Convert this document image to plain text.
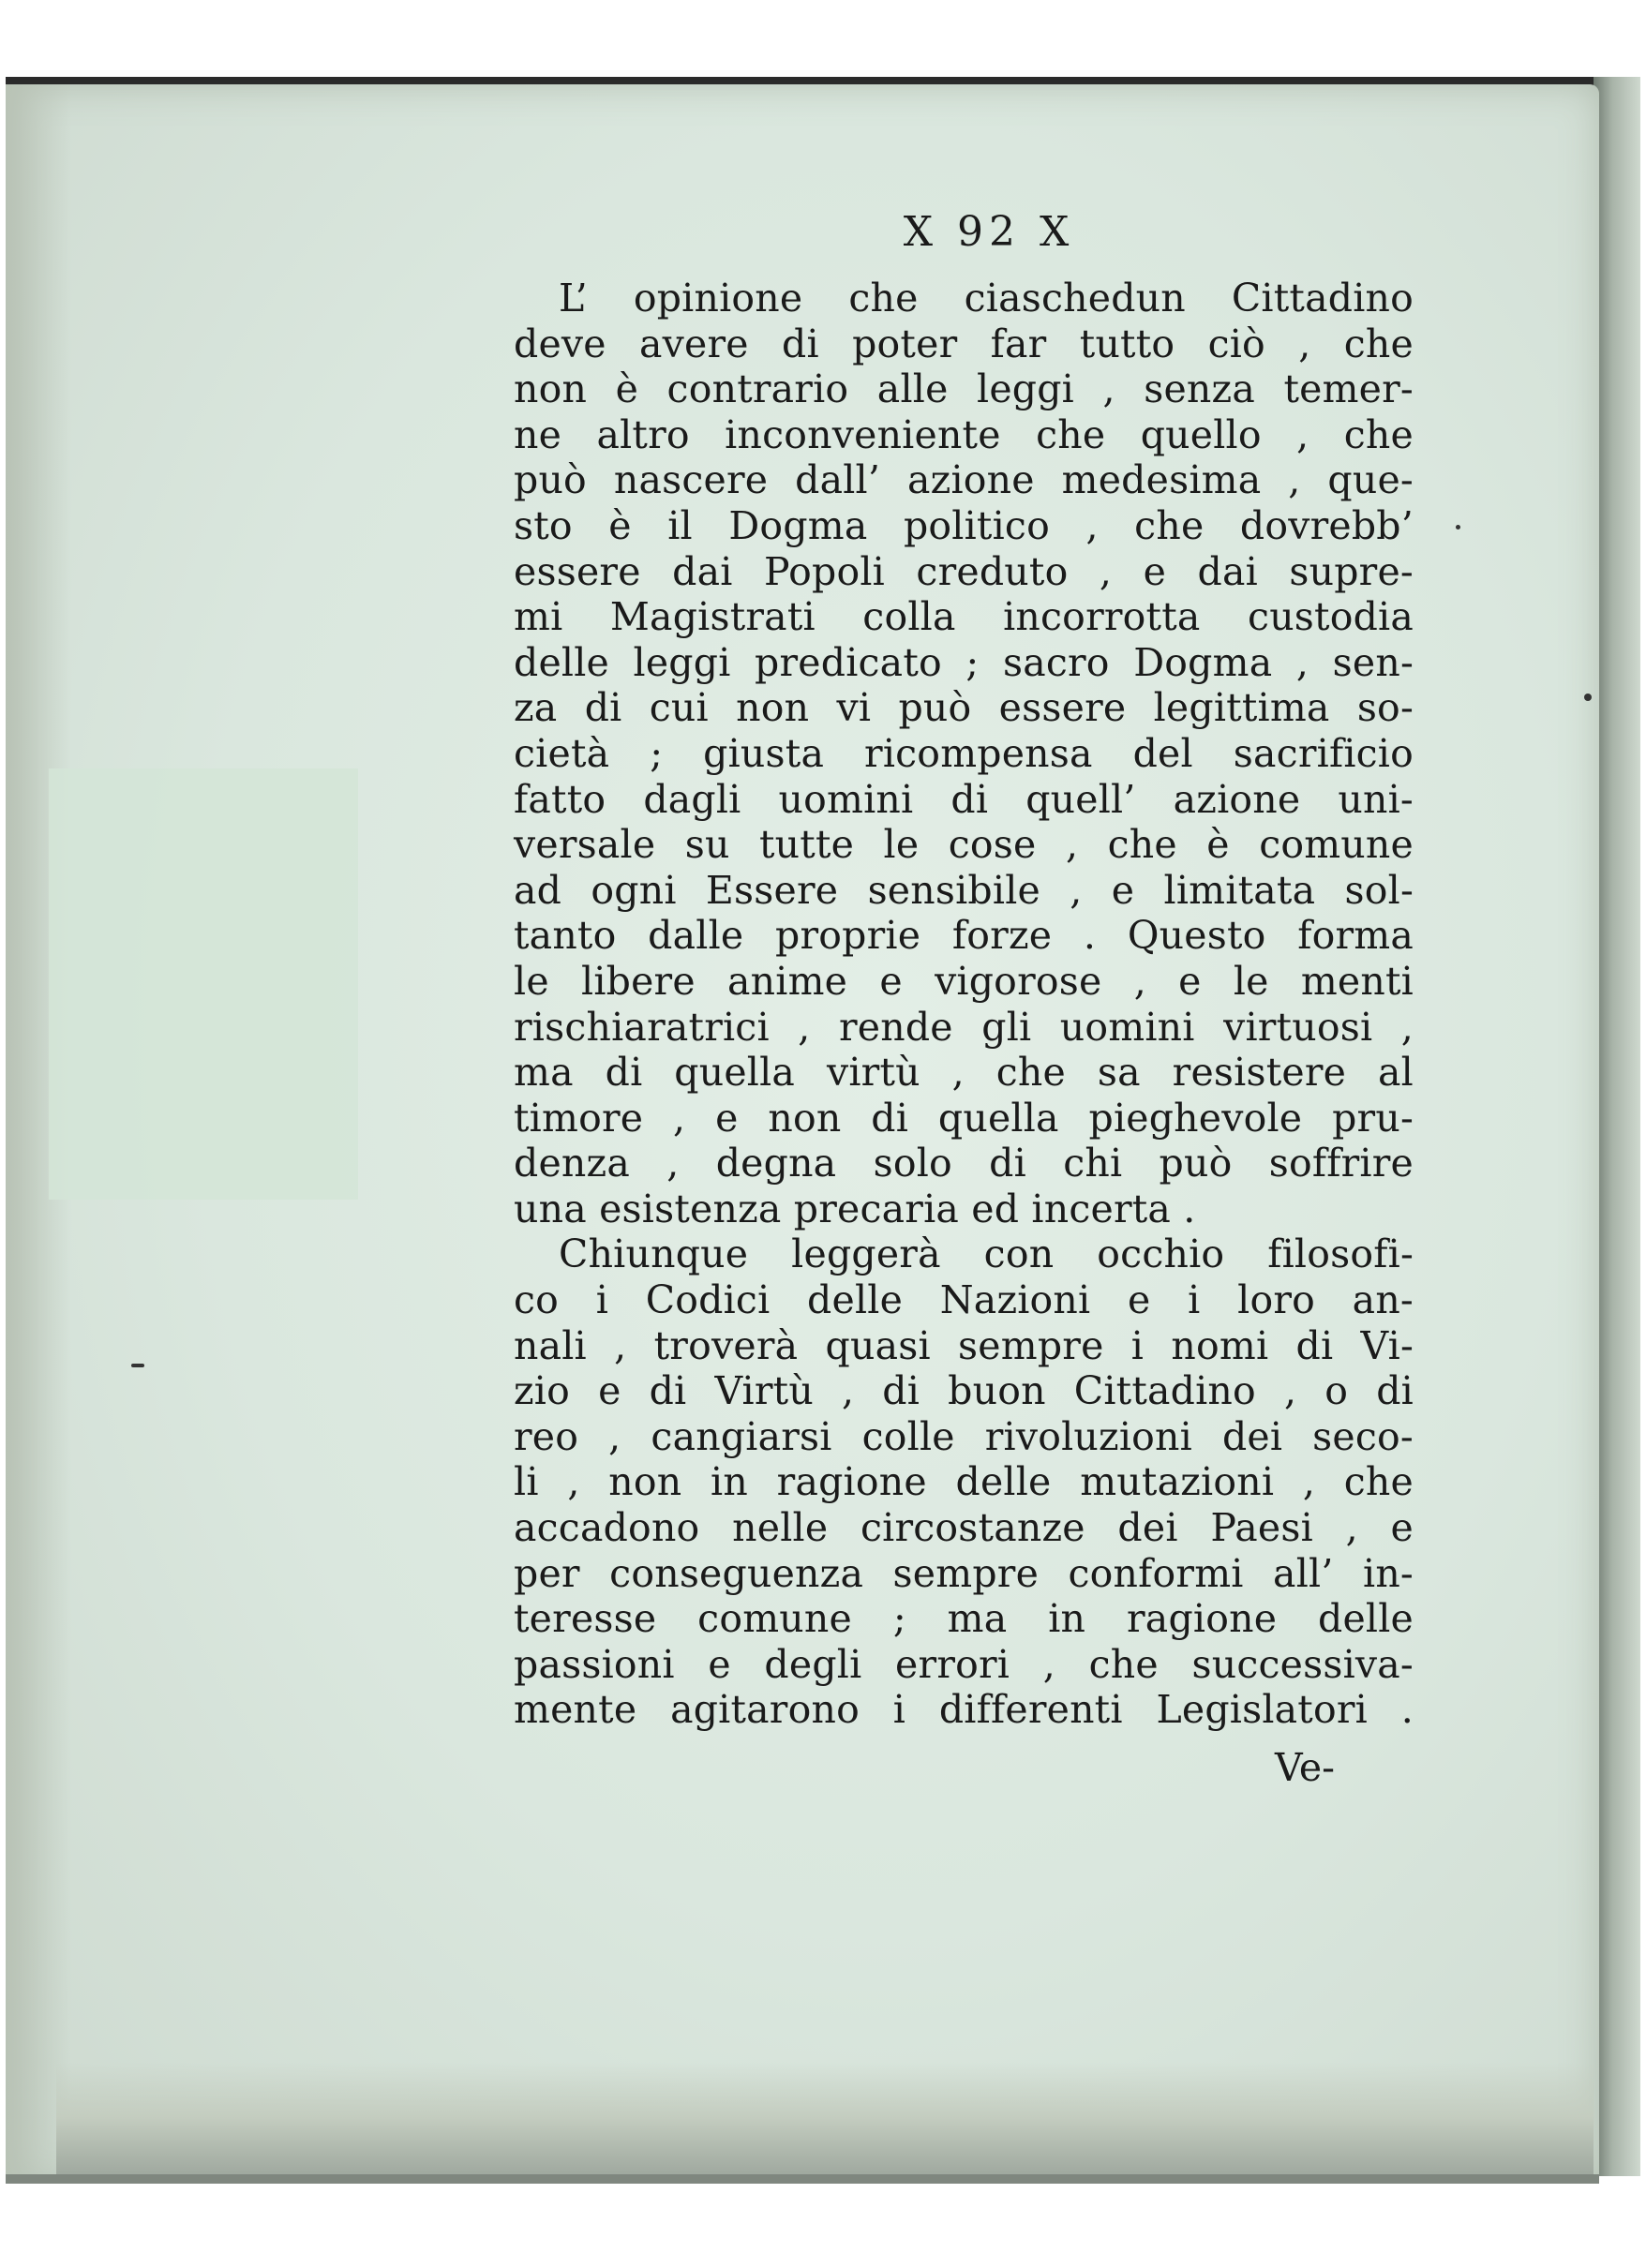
X 92 X
L’ opinione che ciaschedun Cittadino
deve avere di poter far tutto ciò , che
non è contrario alle leggi , senza temer-
ne altro inconveniente che quello , che
può nascere dall’ azione medesima , que-
sto è il Dogma politico , che dovrebb’
essere dai Popoli creduto , e dai supre-
mi Magistrati colla incorrotta custodia
delle leggi predicato ; sacro Dogma , sen-
za di cui non vi può essere legittima so-
cietà ; giusta ricompensa del sacrificio
fatto dagli uomini di quell’ azione uni-
versale su tutte le cose , che è comune
ad ogni Essere sensibile , e limitata sol-
tanto dalle proprie forze . Questo forma
le libere anime e vigorose , e le menti
rischiaratrici , rende gli uomini virtuosi ,
ma di quella virtù , che sa resistere al
timore , e non di quella pieghevole pru-
denza , degna solo di chi può soffrire
una esistenza precaria ed incerta .
Chiunque leggerà con occhio filosofi-
co i Codici delle Nazioni e i loro an-
nali , troverà quasi sempre i nomi di Vi-
zio e di Virtù , di buon Cittadino , o di
reo , cangiarsi colle rivoluzioni dei seco-
li , non in ragione delle mutazioni , che
accadono nelle circostanze dei Paesi , e
per conseguenza sempre conformi all’ in-
teresse comune ; ma in ragione delle
passioni e degli errori , che successiva-
mente agitarono i differenti Legislatori .
Ve-
